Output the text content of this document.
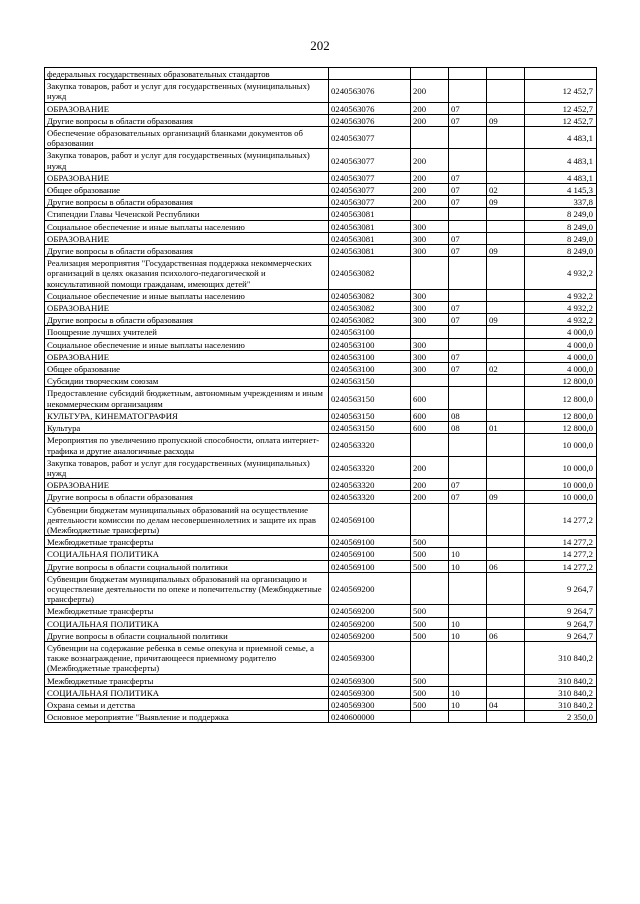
202
федеральных государственных образовательных стандартов					
Закупка товаров, работ и услуг для государственных (муниципальных) нужд	0240563076	200			12 452,7
ОБРАЗОВАНИЕ	0240563076	200	07		12 452,7
Другие вопросы в области образования	0240563076	200	07	09	12 452,7
Обеспечение образовательных организаций бланками документов об образовании	0240563077				4 483,1
Закупка товаров, работ и услуг для государственных (муниципальных) нужд	0240563077	200			4 483,1
ОБРАЗОВАНИЕ	0240563077	200	07		4 483,1
Общее образование	0240563077	200	07	02	4 145,3
Другие вопросы в области образования	0240563077	200	07	09	337,8
Стипендии Главы Чеченской Республики	0240563081				8 249,0
Социальное обеспечение и иные выплаты населению	0240563081	300			8 249,0
ОБРАЗОВАНИЕ	0240563081	300	07		8 249,0
Другие вопросы в области образования	0240563081	300	07	09	8 249,0
Реализация мероприятия "Государственная поддержка некоммерческих организаций в целях оказания психолого-педагогической и консультативной помощи гражданам, имеющих детей"	0240563082				4 932,2
Социальное обеспечение и иные выплаты населению	0240563082	300			4 932,2
ОБРАЗОВАНИЕ	0240563082	300	07		4 932,2
Другие вопросы в области образования	0240563082	300	07	09	4 932,2
Поощрение лучших учителей	0240563100				4 000,0
Социальное обеспечение и иные выплаты населению	0240563100	300			4 000,0
ОБРАЗОВАНИЕ	0240563100	300	07		4 000,0
Общее образование	0240563100	300	07	02	4 000,0
Субсидии творческим союзам	0240563150				12 800,0
Предоставление субсидий бюджетным, автономным учреждениям и иным некоммерческим организациям	0240563150	600			12 800,0
КУЛЬТУРА, КИНЕМАТОГРАФИЯ	0240563150	600	08		12 800,0
Культура	0240563150	600	08	01	12 800,0
Мероприятия по увеличению пропускной способности, оплата интернет-трафика и другие аналогичные расходы	0240563320				10 000,0
Закупка товаров, работ и услуг для государственных (муниципальных) нужд	0240563320	200			10 000,0
ОБРАЗОВАНИЕ	0240563320	200	07		10 000,0
Другие вопросы в области образования	0240563320	200	07	09	10 000,0
Субвенции бюджетам муниципальных образований на осуществление деятельности комиссии по делам несовершеннолетних и защите их прав (Межбюджетные трансферты)	0240569100				14 277,2
Межбюджетные трансферты	0240569100	500			14 277,2
СОЦИАЛЬНАЯ ПОЛИТИКА	0240569100	500	10		14 277,2
Другие вопросы в области социальной политики	0240569100	500	10	06	14 277,2
Субвенции бюджетам муниципальных образований на организацию и осуществление деятельности по опеке и попечительству (Межбюджетные трансферты)	0240569200				9 264,7
Межбюджетные трансферты	0240569200	500			9 264,7
СОЦИАЛЬНАЯ ПОЛИТИКА	0240569200	500	10		9 264,7
Другие вопросы в области социальной политики	0240569200	500	10	06	9 264,7
Субвенции на содержание ребенка в семье опекуна и приемной семье, а также вознаграждение, причитающееся приемному родителю (Межбюджетные трансферты)	0240569300				310 840,2
Межбюджетные трансферты	0240569300	500			310 840,2
СОЦИАЛЬНАЯ ПОЛИТИКА	0240569300	500	10		310 840,2
Охрана семьи и детства	0240569300	500	10	04	310 840,2
Основное мероприятие "Выявление и поддержка	0240600000				2 350,0
